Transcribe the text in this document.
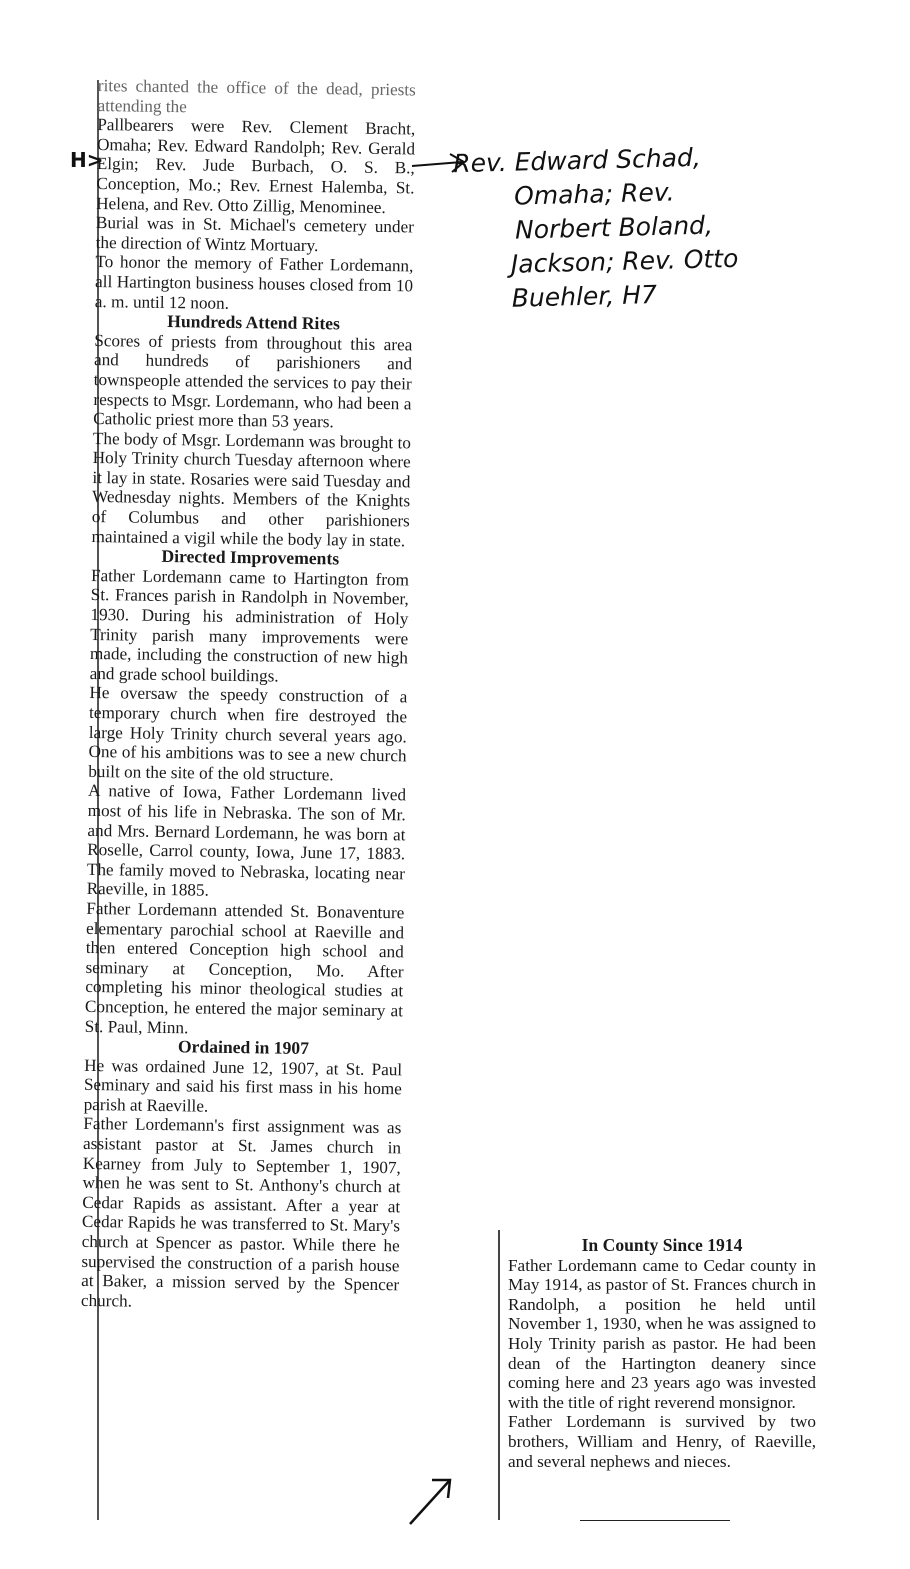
H>

rites chanted the office of the dead, priests attending the

Pallbearers were Rev. Clement Bracht, Omaha; Rev. Edward Randolph; Rev. Gerald Elgin; Rev. Jude Burbach, O. S. B., Conception, Mo.; Rev. Ernest Halemba, St. Helena, and Rev. Otto Zillig, Menominee.

Burial was in St. Michael's cemetery under the direction of Wintz Mortuary.

To honor the memory of Father Lordemann, all Hartington business houses closed from 10 a. m. until 12 noon.

Hundreds Attend Rites

Scores of priests from throughout this area and hundreds of parishioners and townspeople attended the services to pay their respects to Msgr. Lordemann, who had been a Catholic priest more than 53 years.

The body of Msgr. Lordemann was brought to Holy Trinity church Tuesday afternoon where it lay in state. Rosaries were said Tuesday and Wednesday nights. Members of the Knights of Columbus and other parishioners maintained a vigil while the body lay in state.

Directed Improvements

Father Lordemann came to Hartington from St. Frances parish in Randolph in November, 1930. During his administration of Holy Trinity parish many improvements were made, including the construction of new high and grade school buildings.

He oversaw the speedy construction of a temporary church when fire destroyed the large Holy Trinity church several years ago. One of his ambitions was to see a new church built on the site of the old structure.

A native of Iowa, Father Lordemann lived most of his life in Nebraska. The son of Mr. and Mrs. Bernard Lordemann, he was born at Roselle, Carrol county, Iowa, June 17, 1883. The family moved to Nebraska, locating near Raeville, in 1885.

Father Lordemann attended St. Bonaventure elementary parochial school at Raeville and then entered Conception high school and seminary at Conception, Mo. After completing his minor theological studies at Conception, he entered the major seminary at St. Paul, Minn.

Ordained in 1907

He was ordained June 12, 1907, at St. Paul Seminary and said his first mass in his home parish at Raeville.

Father Lordemann's first assignment was as assistant pastor at St. James church in Kearney from July to September 1, 1907, when he was sent to St. Anthony's church at Cedar Rapids as assistant. After a year at Cedar Rapids he was transferred to St. Mary's church at Spencer as pastor. While there he supervised the construction of a parish house at Baker, a mission served by the Spencer church.

In County Since 1914

Father Lordemann came to Cedar county in May 1914, as pastor of St. Frances church in Randolph, a position he held until November 1, 1930, when he was assigned to Holy Trinity parish as pastor. He had been dean of the Hartington deanery since coming here and 23 years ago was invested with the title of right reverend monsignor.

Father Lordemann is survived by two brothers, William and Henry, of Raeville, and several nephews and nieces.

Rev. Edward Schad,
Omaha; Rev.
Norbert Boland,
Jackson; Rev. Otto
Buehler, H7
